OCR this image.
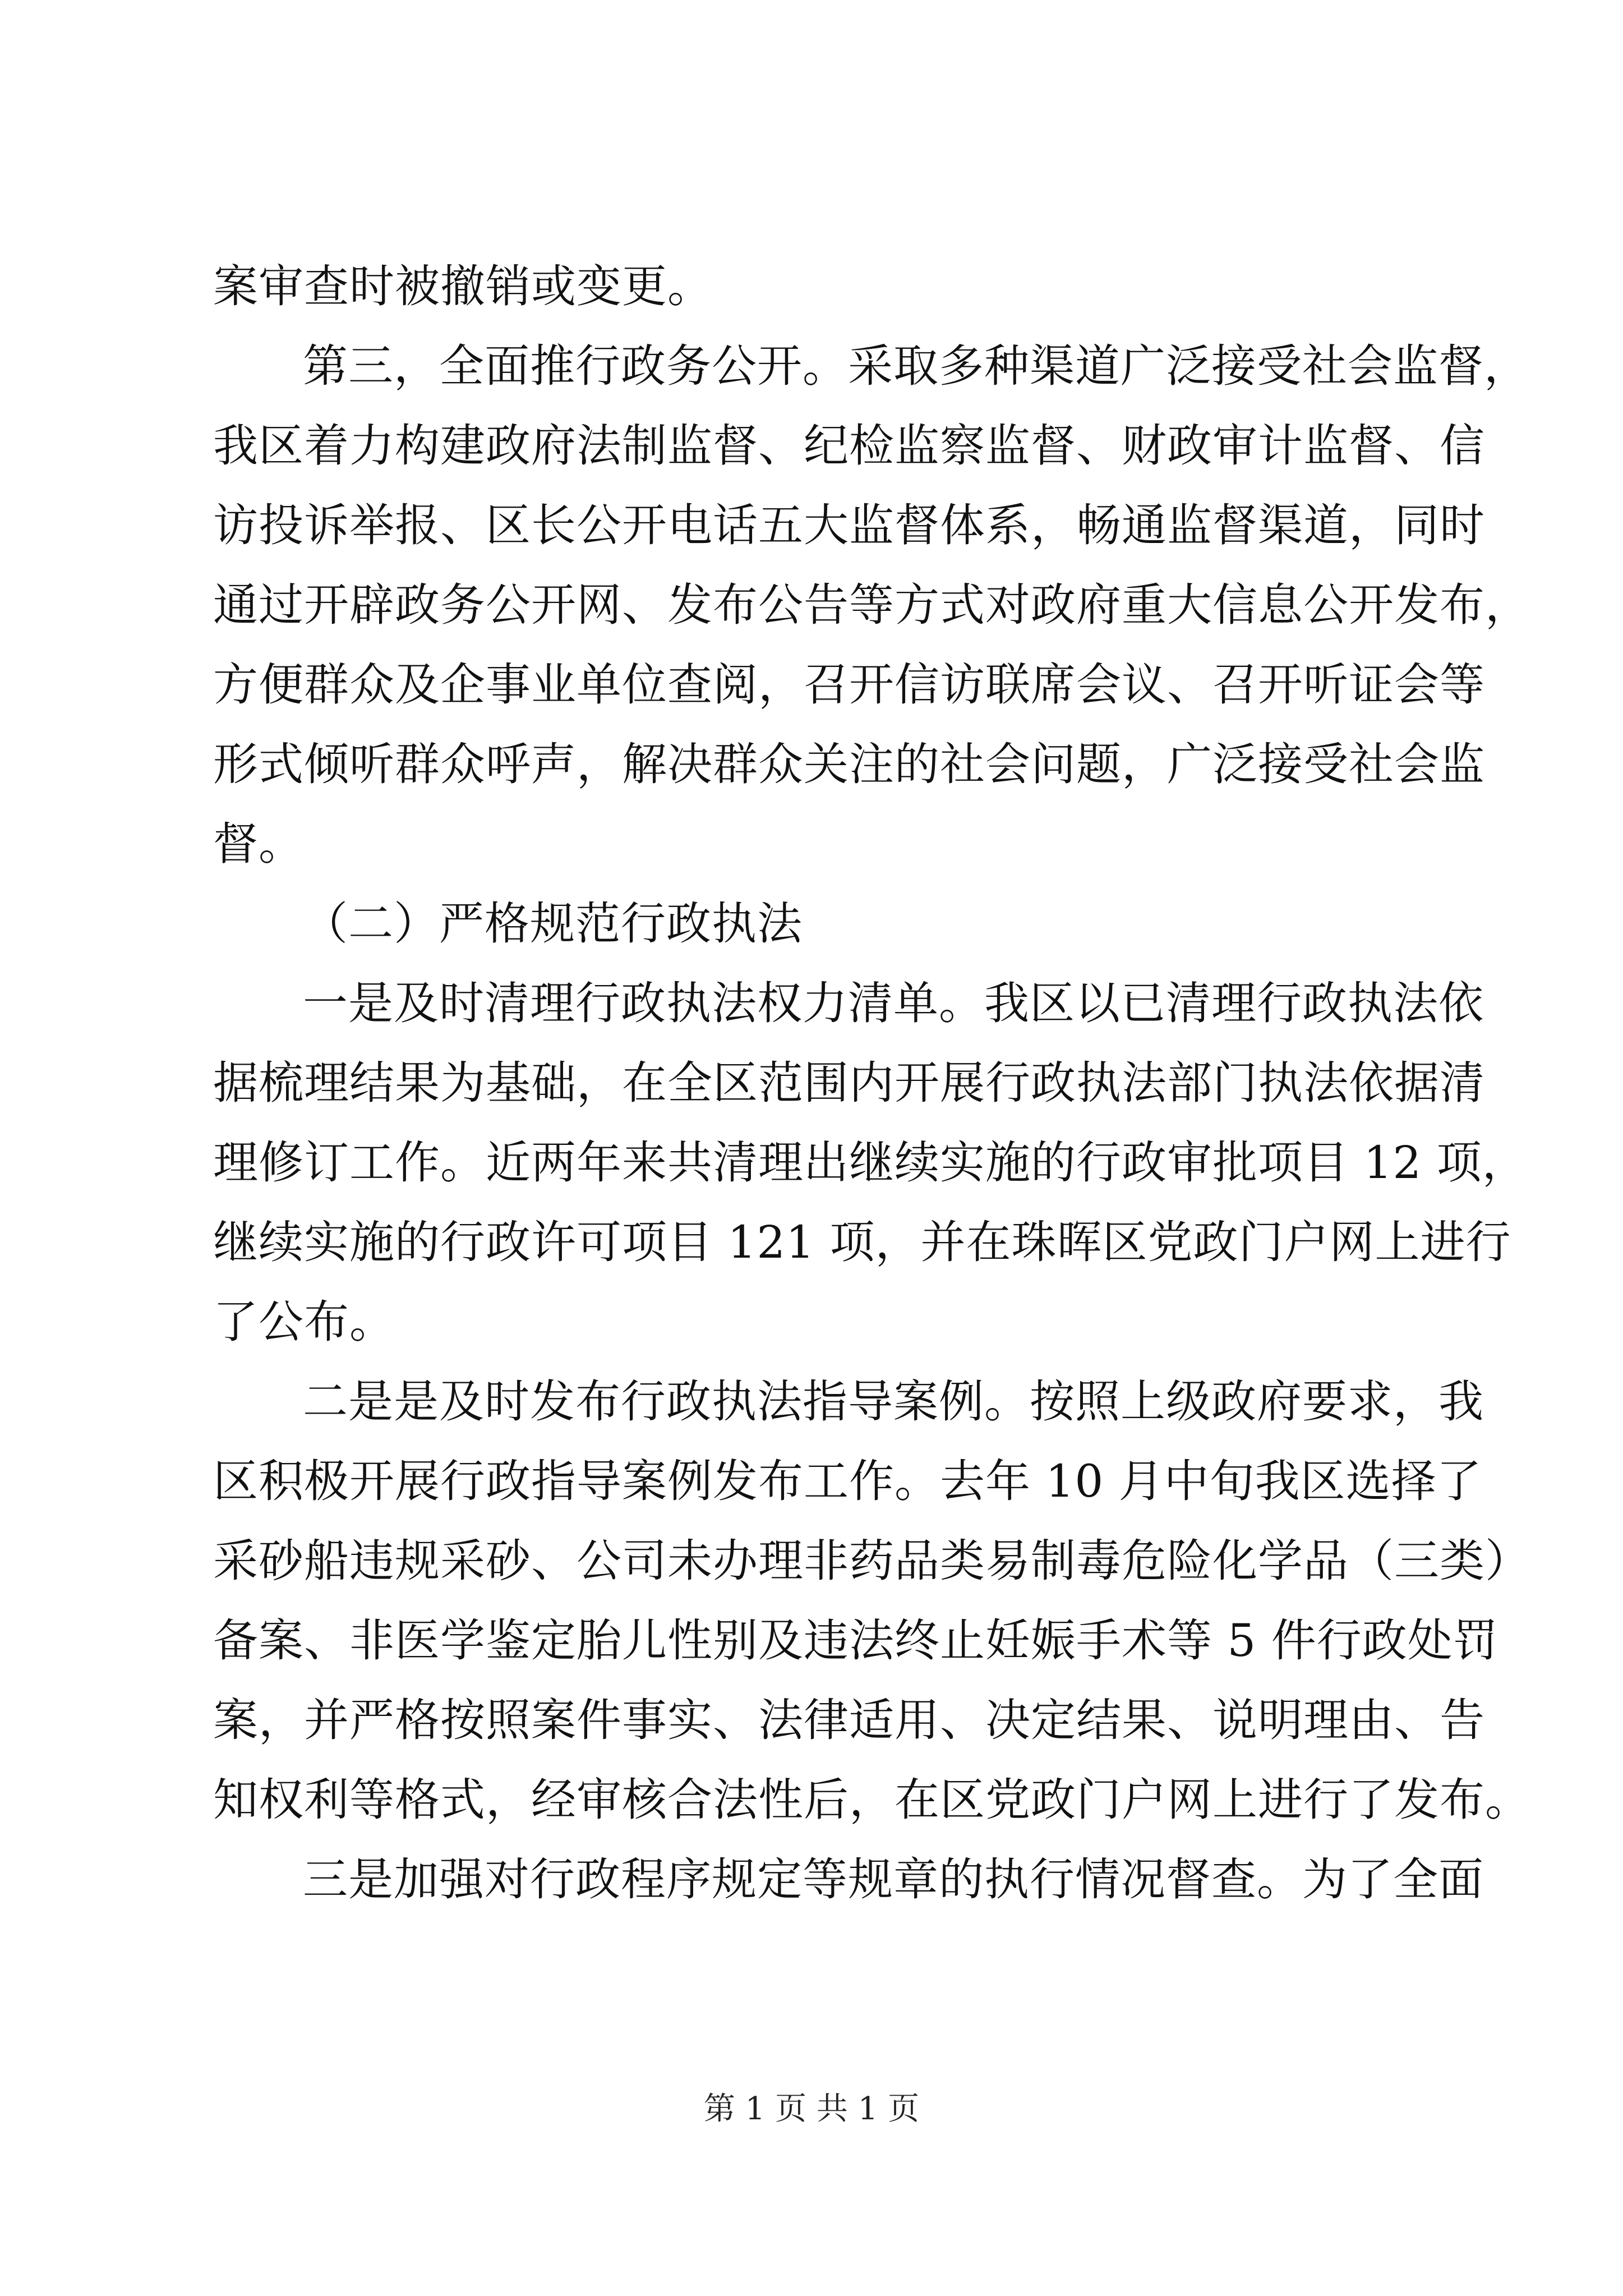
案审查时被撤销或变更。
第三，全面推行政务公开。采取多种渠道广泛接受社会监督，
我区着力构建政府法制监督、纪检监察监督、财政审计监督、信
访投诉举报、区长公开电话五大监督体系，畅通监督渠道，同时
通过开辟政务公开网、发布公告等方式对政府重大信息公开发布，
方便群众及企事业单位查阅，召开信访联席会议、召开听证会等
形式倾听群众呼声，解决群众关注的社会问题，广泛接受社会监
督。
（二）严格规范行政执法
一是及时清理行政执法权力清单。我区以已清理行政执法依
据梳理结果为基础，在全区范围内开展行政执法部门执法依据清
理修订工作。近两年来共清理出继续实施的行政审批项目 12 项，
继续实施的行政许可项目 121 项，并在珠晖区党政门户网上进行
了公布。
二是是及时发布行政执法指导案例。按照上级政府要求，我
区积极开展行政指导案例发布工作。去年 10 月中旬我区选择了
采砂船违规采砂、公司未办理非药品类易制毒危险化学品（三类）
备案、非医学鉴定胎儿性别及违法终止妊娠手术等 5 件行政处罚
案，并严格按照案件事实、法律适用、决定结果、说明理由、告
知权利等格式，经审核合法性后，在区党政门户网上进行了发布。
三是加强对行政程序规定等规章的执行情况督查。为了全面
第 1 页 共 1 页
